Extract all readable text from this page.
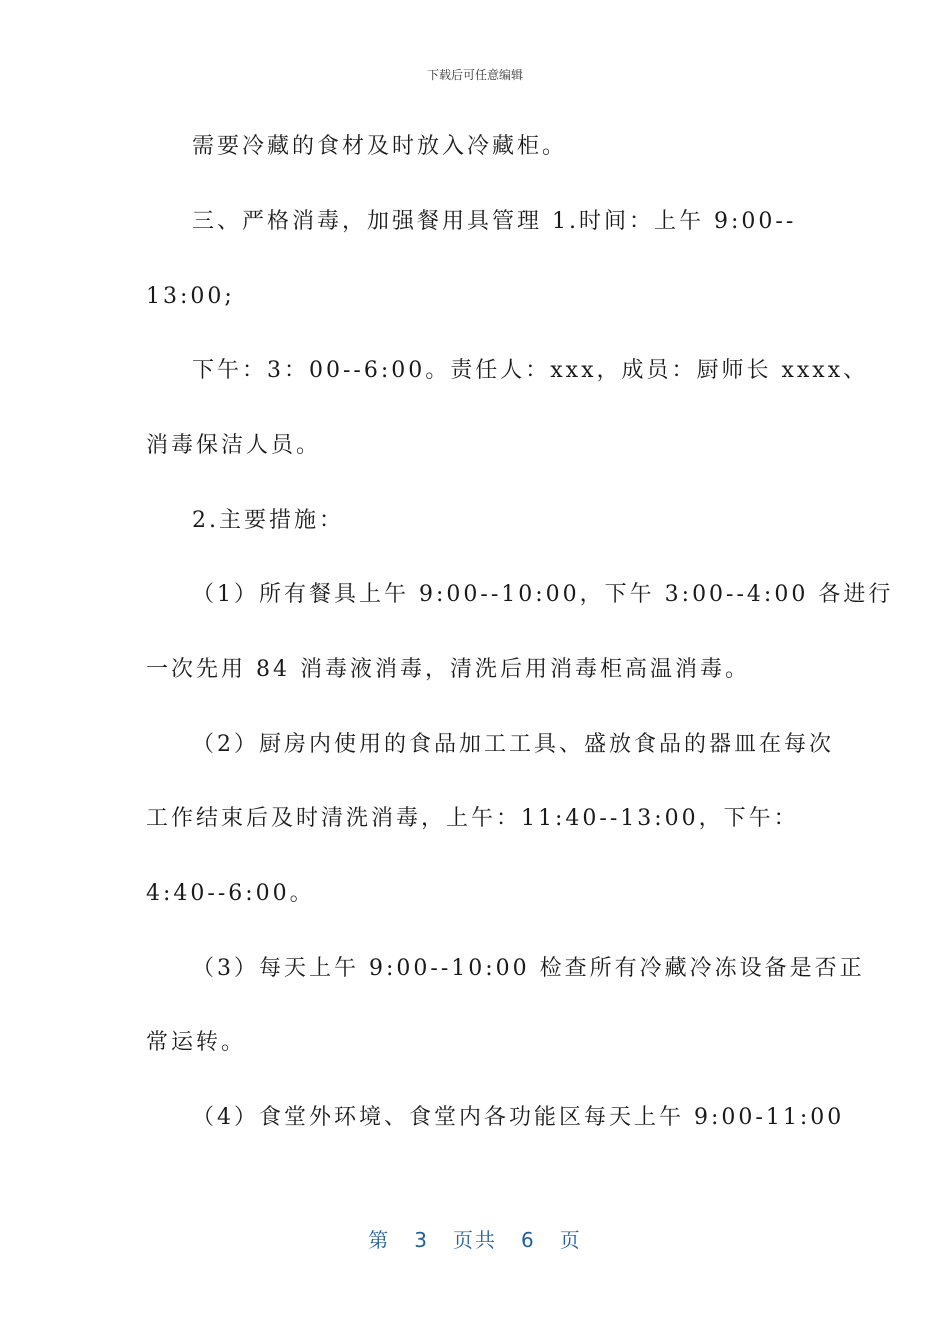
下载后可任意编辑
需要冷藏的食材及时放入冷藏柜。
三、严格消毒，加强餐用具管理 1.时间：上午 9:00--
13:00;
下午：3：00--6:00。责任人：xxx，成员：厨师长 xxxx、
消毒保洁人员。
2.主要措施：
（1）所有餐具上午 9:00--10:00，下午 3:00--4:00 各进行
一次先用 84 消毒液消毒，清洗后用消毒柜高温消毒。
（2）厨房内使用的食品加工工具、盛放食品的器皿在每次
工作结束后及时清洗消毒，上午：11:40--13:00，下午：
4:40--6:00。
（3）每天上午 9:00--10:00 检查所有冷藏冷冻设备是否正
常运转。
（4）食堂外环境、食堂内各功能区每天上午 9:00-11:00
第 3 页共 6 页
